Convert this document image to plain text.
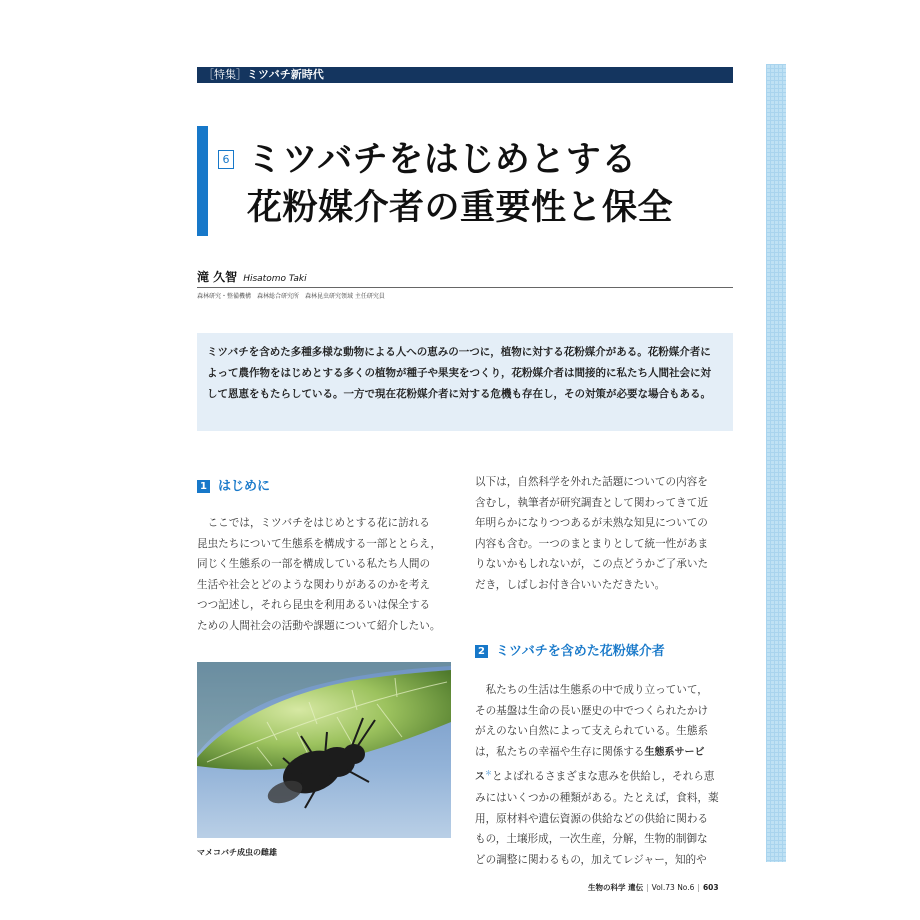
［特集］ミツバチ新時代
6 ミツバチをはじめとする
花粉媒介者の重要性と保全
滝 久智 Hisatomo Taki
森林研究・整備機構　森林総合研究所　森林昆虫研究領域 主任研究員

ミツバチを含めた多種多様な動物による人への恵みの一つに，植物に対する花粉媒介がある。花粉媒介者によって農作物をはじめとする多くの植物が種子や果実をつくり，花粉媒介者は間接的に私たち人間社会に対して恩恵をもたらしている。一方で現在花粉媒介者に対する危機も存在し，その対策が必要な場合もある。

1 はじめに

　ここでは，ミツバチをはじめとする花に訪れる

昆虫たちについて生態系を構成する一部ととらえ，

同じく生態系の一部を構成している私たち人間の

生活や社会とどのような関わりがあるのかを考え

つつ記述し，それら昆虫を利用あるいは保全する

ための人間社会の活動や課題について紹介したい。

マメコバチ成虫の雌雄

以下は，自然科学を外れた話題についての内容を

含むし，執筆者が研究調査として関わってきて近

年明らかになりつつあるが未熟な知見についての

内容も含む。一つのまとまりとして統一性があま

りないかもしれないが，この点どうかご了承いた

だき，しばしお付き合いいただきたい。

2 ミツバチを含めた花粉媒介者

　私たちの生活は生態系の中で成り立っていて，

その基盤は生命の長い歴史の中でつくられたかけ

がえのない自然によって支えられている。生態系

は，私たちの幸福や生存に関係する生態系サービ

ス＊とよばれるさまざまな恵みを供給し，それら恵

みにはいくつかの種類がある。たとえば，食料，薬

用，原材料や遺伝資源の供給などの供給に関わる

もの，土壌形成，一次生産，分解，生物的制御な

どの調整に関わるもの，加えてレジャー，知的や

生物の科学 遺伝 | Vol.73 No.6 | 603
